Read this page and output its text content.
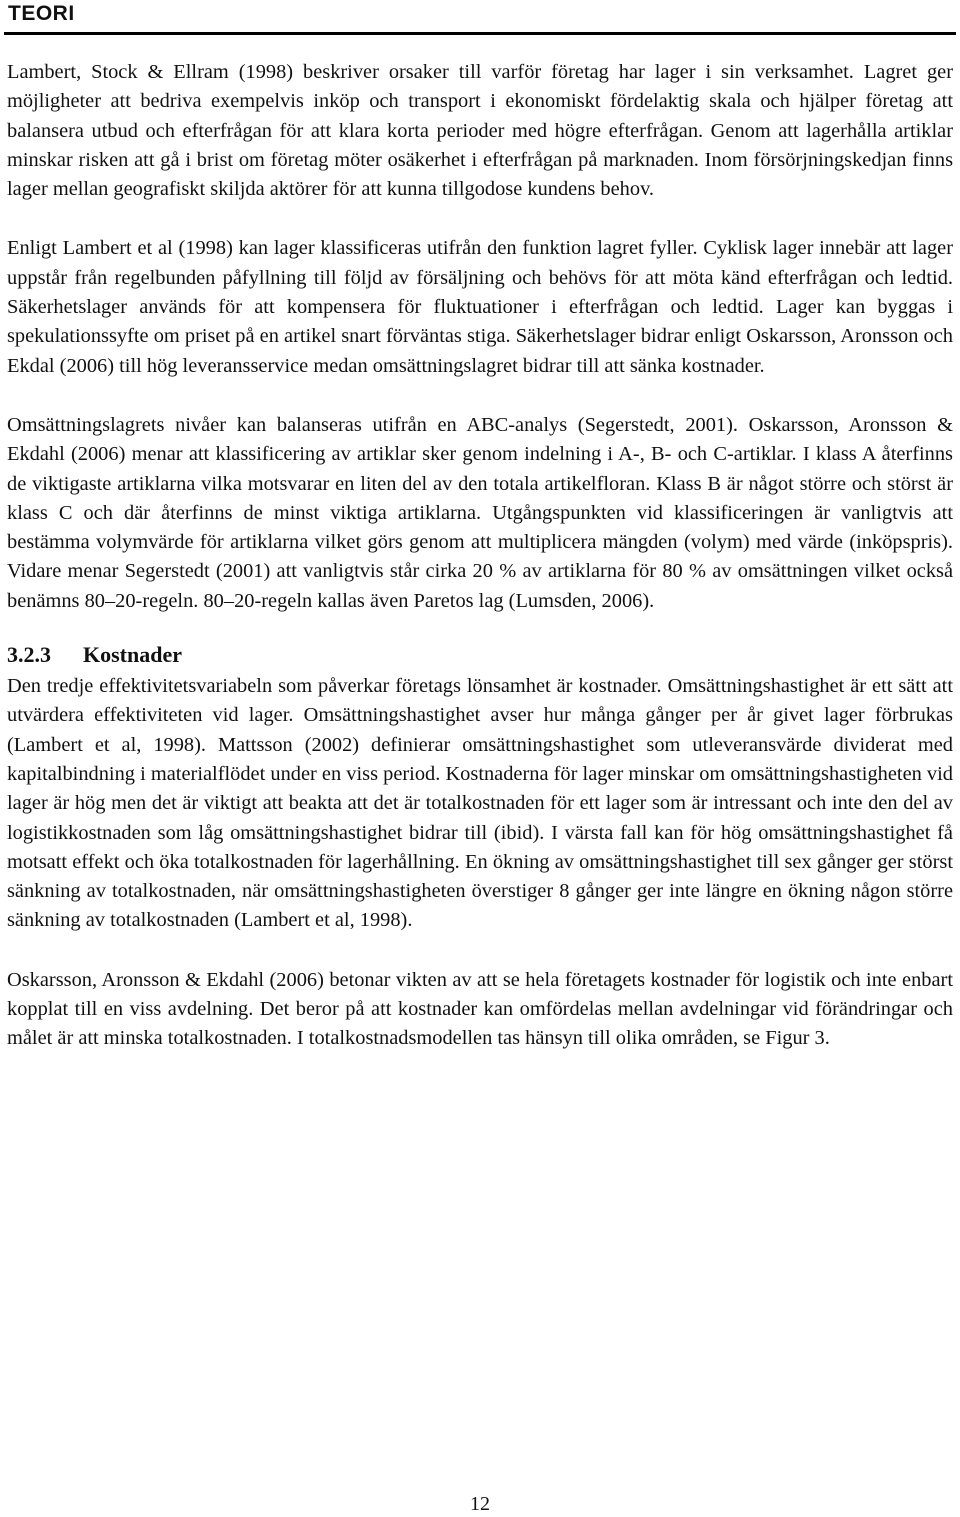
TEORI

Lambert, Stock & Ellram (1998) beskriver orsaker till varför företag har lager i sin verksamhet. Lagret ger möjligheter att bedriva exempelvis inköp och transport i ekonomiskt fördelaktig skala och hjälper företag att balansera utbud och efterfrågan för att klara korta perioder med högre efterfrågan. Genom att lagerhålla artiklar minskar risken att gå i brist om företag möter osäkerhet i efterfrågan på marknaden. Inom försörjningskedjan finns lager mellan geografiskt skiljda aktörer för att kunna tillgodose kundens behov.

Enligt Lambert et al (1998) kan lager klassificeras utifrån den funktion lagret fyller. Cyklisk lager innebär att lager uppstår från regelbunden påfyllning till följd av försäljning och behövs för att möta känd efterfrågan och ledtid. Säkerhetslager används för att kompensera för fluktuationer i efterfrågan och ledtid. Lager kan byggas i spekulationssyfte om priset på en artikel snart förväntas stiga. Säkerhetslager bidrar enligt Oskarsson, Aronsson och Ekdal (2006) till hög leveransservice medan omsättningslagret bidrar till att sänka kostnader.

Omsättningslagrets nivåer kan balanseras utifrån en ABC-analys (Segerstedt, 2001). Oskarsson, Aronsson & Ekdahl (2006) menar att klassificering av artiklar sker genom indelning i A-, B- och C-artiklar. I klass A återfinns de viktigaste artiklarna vilka motsvarar en liten del av den totala artikelfloran. Klass B är något större och störst är klass C och där återfinns de minst viktiga artiklarna. Utgångspunkten vid klassificeringen är vanligtvis att bestämma volymvärde för artiklarna vilket görs genom att multiplicera mängden (volym) med värde (inköpspris). Vidare menar Segerstedt (2001) att vanligtvis står cirka 20 % av artiklarna för 80 % av omsättningen vilket också benämns 80–20-regeln. 80–20-regeln kallas även Paretos lag (Lumsden, 2006).

3.2.3 Kostnader

Den tredje effektivitetsvariabeln som påverkar företags lönsamhet är kostnader. Omsättningshastighet är ett sätt att utvärdera effektiviteten vid lager. Omsättningshastighet avser hur många gånger per år givet lager förbrukas (Lambert et al, 1998). Mattsson (2002) definierar omsättningshastighet som utleveransvärde dividerat med kapitalbindning i materialflödet under en viss period. Kostnaderna för lager minskar om omsättningshastigheten vid lager är hög men det är viktigt att beakta att det är totalkostnaden för ett lager som är intressant och inte den del av logistikkostnaden som låg omsättningshastighet bidrar till (ibid). I värsta fall kan för hög omsättningshastighet få motsatt effekt och öka totalkostnaden för lagerhållning. En ökning av omsättningshastighet till sex gånger ger störst sänkning av totalkostnaden, när omsättningshastigheten överstiger 8 gånger ger inte längre en ökning någon större sänkning av totalkostnaden (Lambert et al, 1998).

Oskarsson, Aronsson & Ekdahl (2006) betonar vikten av att se hela företagets kostnader för logistik och inte enbart kopplat till en viss avdelning. Det beror på att kostnader kan omfördelas mellan avdelningar vid förändringar och målet är att minska totalkostnaden. I totalkostnadsmodellen tas hänsyn till olika områden, se Figur 3.

12
